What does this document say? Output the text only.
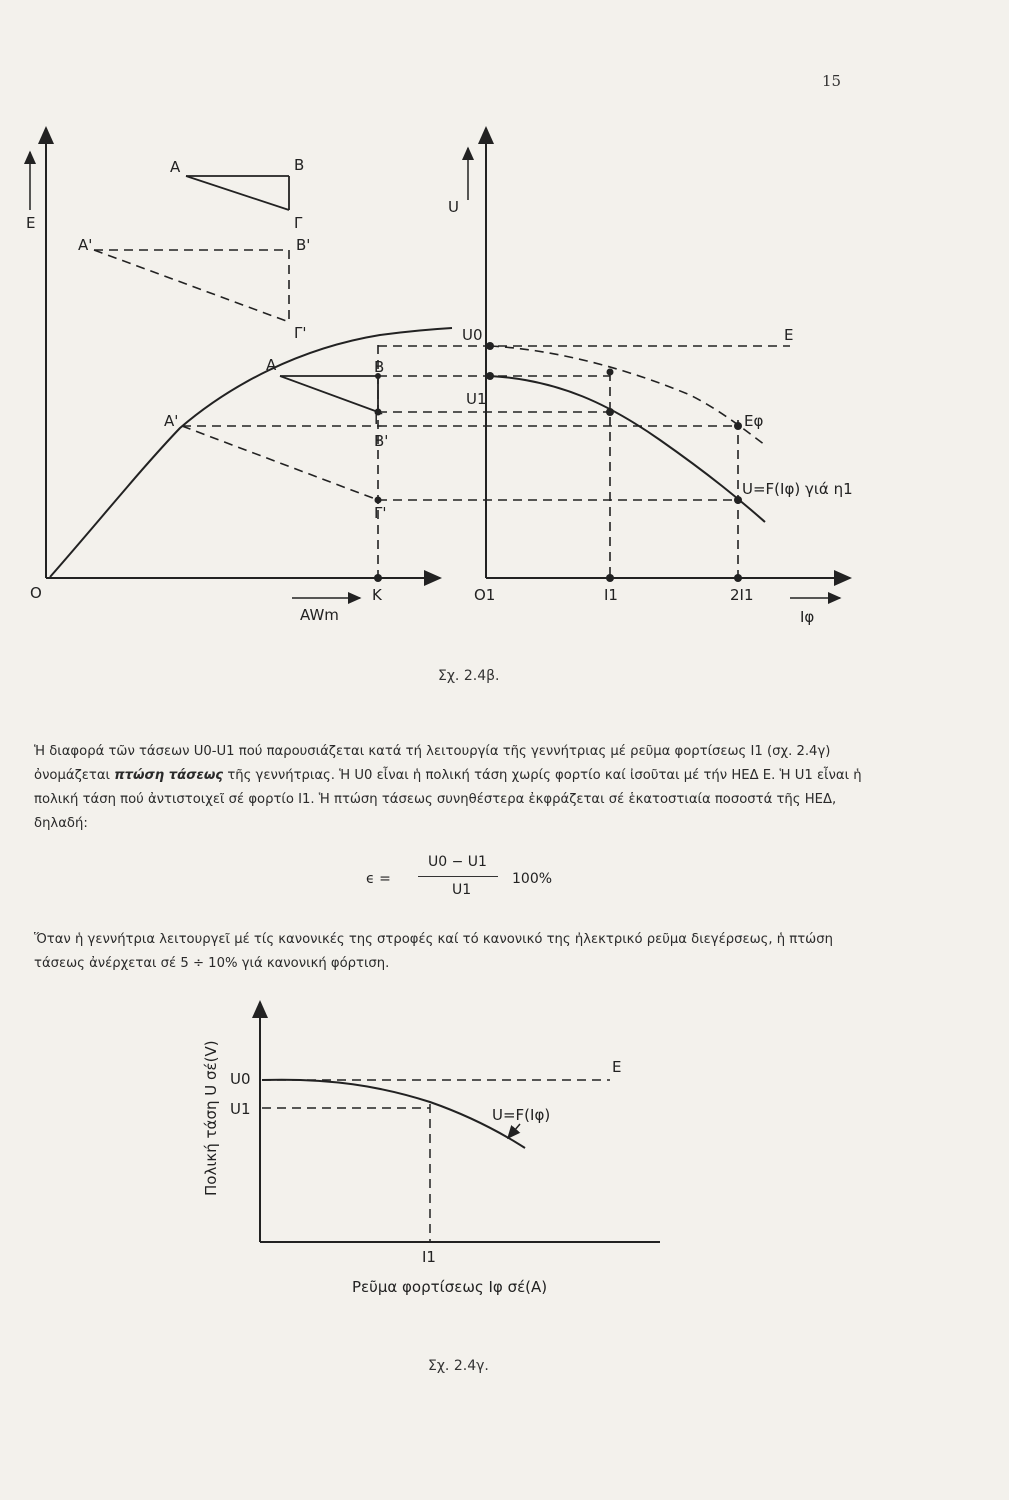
15
E
A	B
Γ
A'	B'
Γ'
A
A'
B
Γ
B'
Γ'
O
AWm
K
U
U0
U1
E
Eφ
U=F(Iφ) γιά η1
O1	I1	2I1
Iφ
Σχ. 2.4β.

Ἡ διαφορά τῶν τάσεων U0-U1 πού παρουσιάζεται κατά τή λειτουργία τῆς γεννήτριας μέ ρεῦμα φορτίσεως I1 (σχ. 2.4γ) ὀνομάζεται πτώση τάσεως τῆς γεννήτριας. Ἡ U0 εἶναι ἡ πολική τάση χωρίς φορτίο καί ἰσοῦται μέ τήν ΗΕΔ Ε. Ἡ U1 εἶναι ἡ πολική τάση πού ἀντιστοιχεῖ σέ φορτίο I1. Ἡ πτώση τάσεως συνηθέστερα ἐκφράζεται σέ ἑκατοστιαία ποσοστά τῆς ΗΕΔ, δηλαδή:

ϵ =
U0 − U1
U1
100%

Ὅταν ἡ γεννήτρια λειτουργεῖ μέ τίς κανονικές της στροφές καί τό κανονικό της ἠλεκτρικό ρεῦμα διεγέρσεως, ἡ πτώση τάσεως ἀνέρχεται σέ 5 ÷ 10% γιά κανονική φόρτιση.

U0
U1
E
U=F(Iφ)
I1
Ρεῦμα φορτίσεως Iφ σέ(A)
Πολική τάση U σέ(V)
Σχ. 2.4γ.
